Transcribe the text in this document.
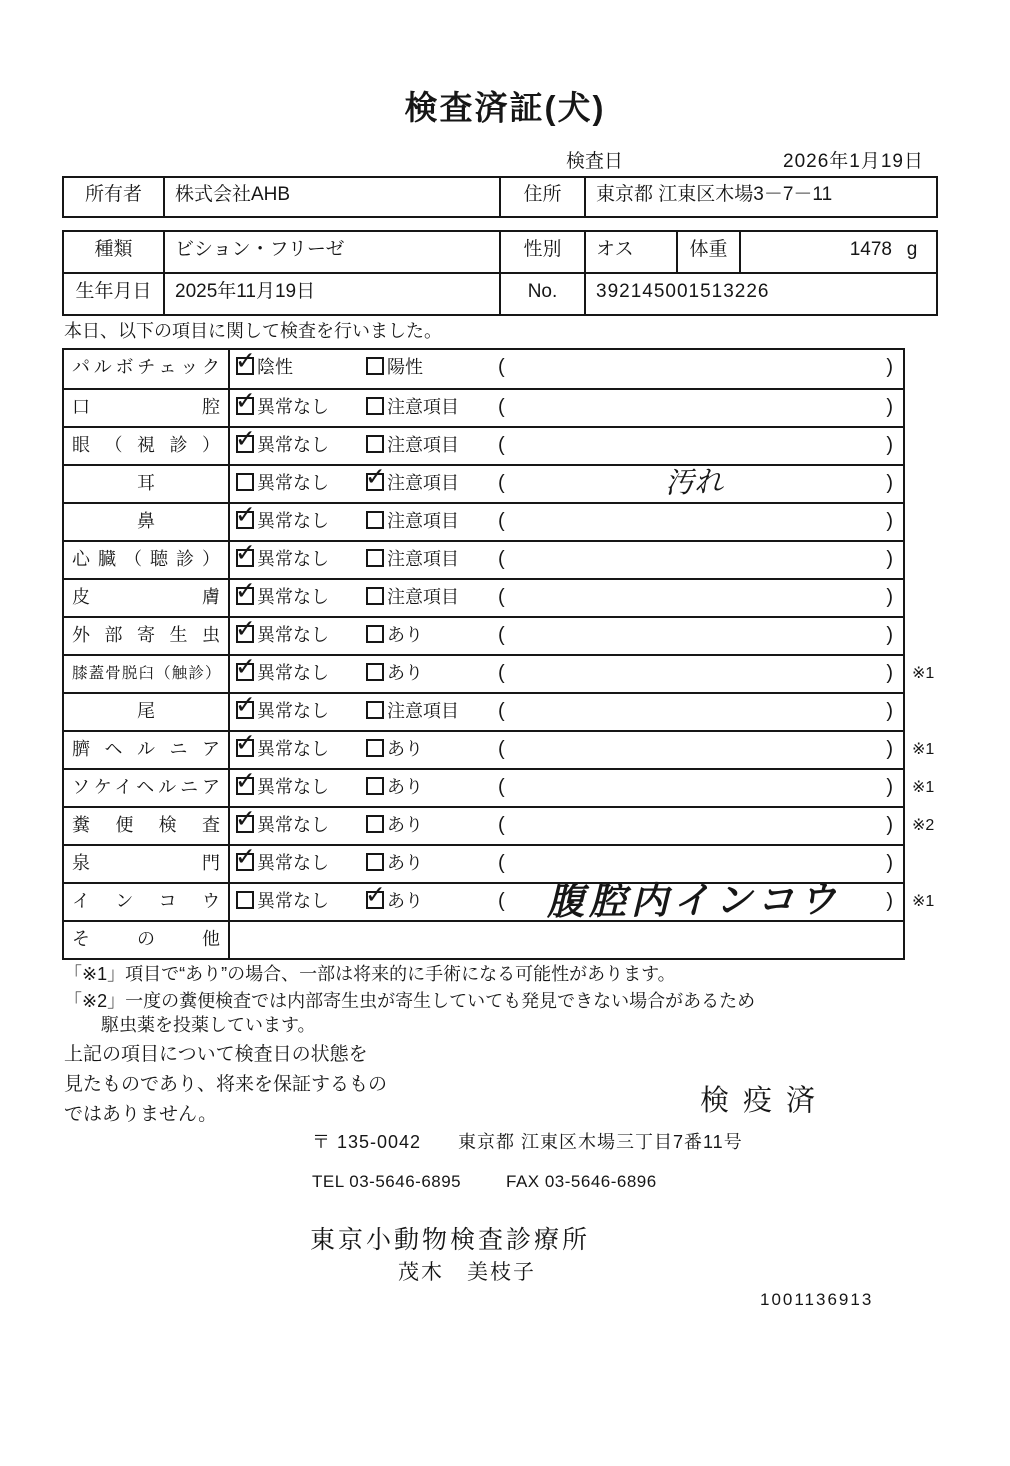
検査済証(犬)
検査日	2026年1月19日
所有者	株式会社AHB	住所	東京都 江東区木場3－7－11
種類	ビション・フリーゼ	性別	オス	体重	1478 g
生年月日	2025年11月19日	No.	392145001513226
本日、以下の項目に関して検査を行いました。
パルボチェック ✓	陰性	陽性	(	)
口腔 ✓	異常なし	注意項目 (	)
眼（視診） ✓	異常なし	注意項目 (	)
耳	異常なし ✓	注意項目 (	汚れ	)
鼻 ✓	異常なし	注意項目 (	)
心臓（聴診） ✓	異常なし	注意項目 (	)
皮膚 ✓	異常なし	注意項目 (	)
外部寄生虫 ✓	異常なし	あり	(	)
膝蓋骨脱臼（触診） ✓	異常なし	あり	(	) ※1
尾 ✓	異常なし	注意項目 (	)
臍ヘルニア ✓	異常なし	あり	(	) ※1
ソケイヘルニア ✓	異常なし	あり	(	) ※1
糞便検査 ✓	異常なし	あり	(	) ※2
泉門 ✓	異常なし	あり	(	)
インコウ	異常なし ✓	あり	(	腹腔内インコウ	) ※1
その他
「※1」項目で“あり”の場合、一部は将来的に手術になる可能性があります。
「※2」一度の糞便検査では内部寄生虫が寄生していても発見できない場合があるため
駆虫薬を投薬しています。
上記の項目について検査日の状態を
見たものであり、将来を保証するもの
ではありません。	検疫済
〒 135-0042 東京都 江東区木場三丁目7番11号
TEL 03-5646-6895	FAX 03-5646-6896
東京小動物検査診療所
茂木　美枝子
1001136913
